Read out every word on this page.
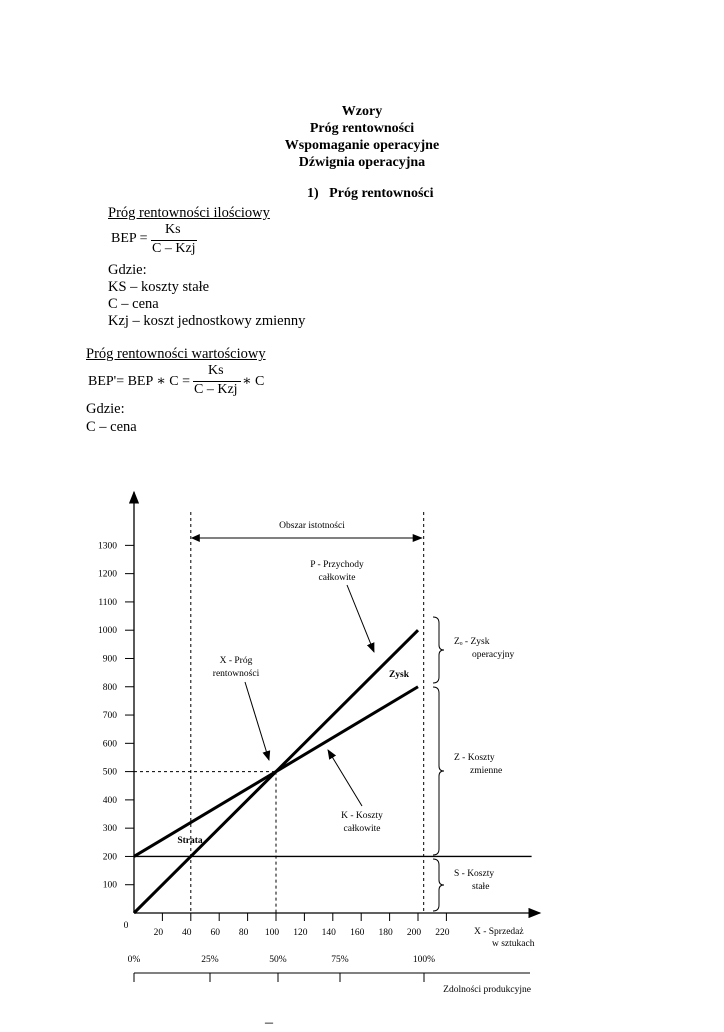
Wzory
Próg rentowności
Wspomaganie operacyjne
Dźwignia operacyjna
1) Próg rentowności
Próg rentowności ilościowy
BEP =
Ks
C – Kzj
Gdzie:
KS – koszty stałe
C – cena
Kzj – koszt jednostkowy zmienny
Próg rentowności wartościowy
BEP'= BEP ∗ C =
Ks
C – Kzj
∗ C
Gdzie:
C – cena
100
200
300
400
500
600
700
800
900
1000
1100
1200
1300
20 40 60 80 100 120 140 160 180 200 220
0
Obszar istotności
P - Przychody
całkowite
X - Próg
rentowności	Zysk
Strata
K - Koszty
całkowite
Zₒ - Zysk
operacyjny
Z - Koszty
zmienne
S - Koszty
stałe
X - Sprzedaż
w sztukach
0%	25%	50%	75%	100%
Zdolności produkcyjne
–
